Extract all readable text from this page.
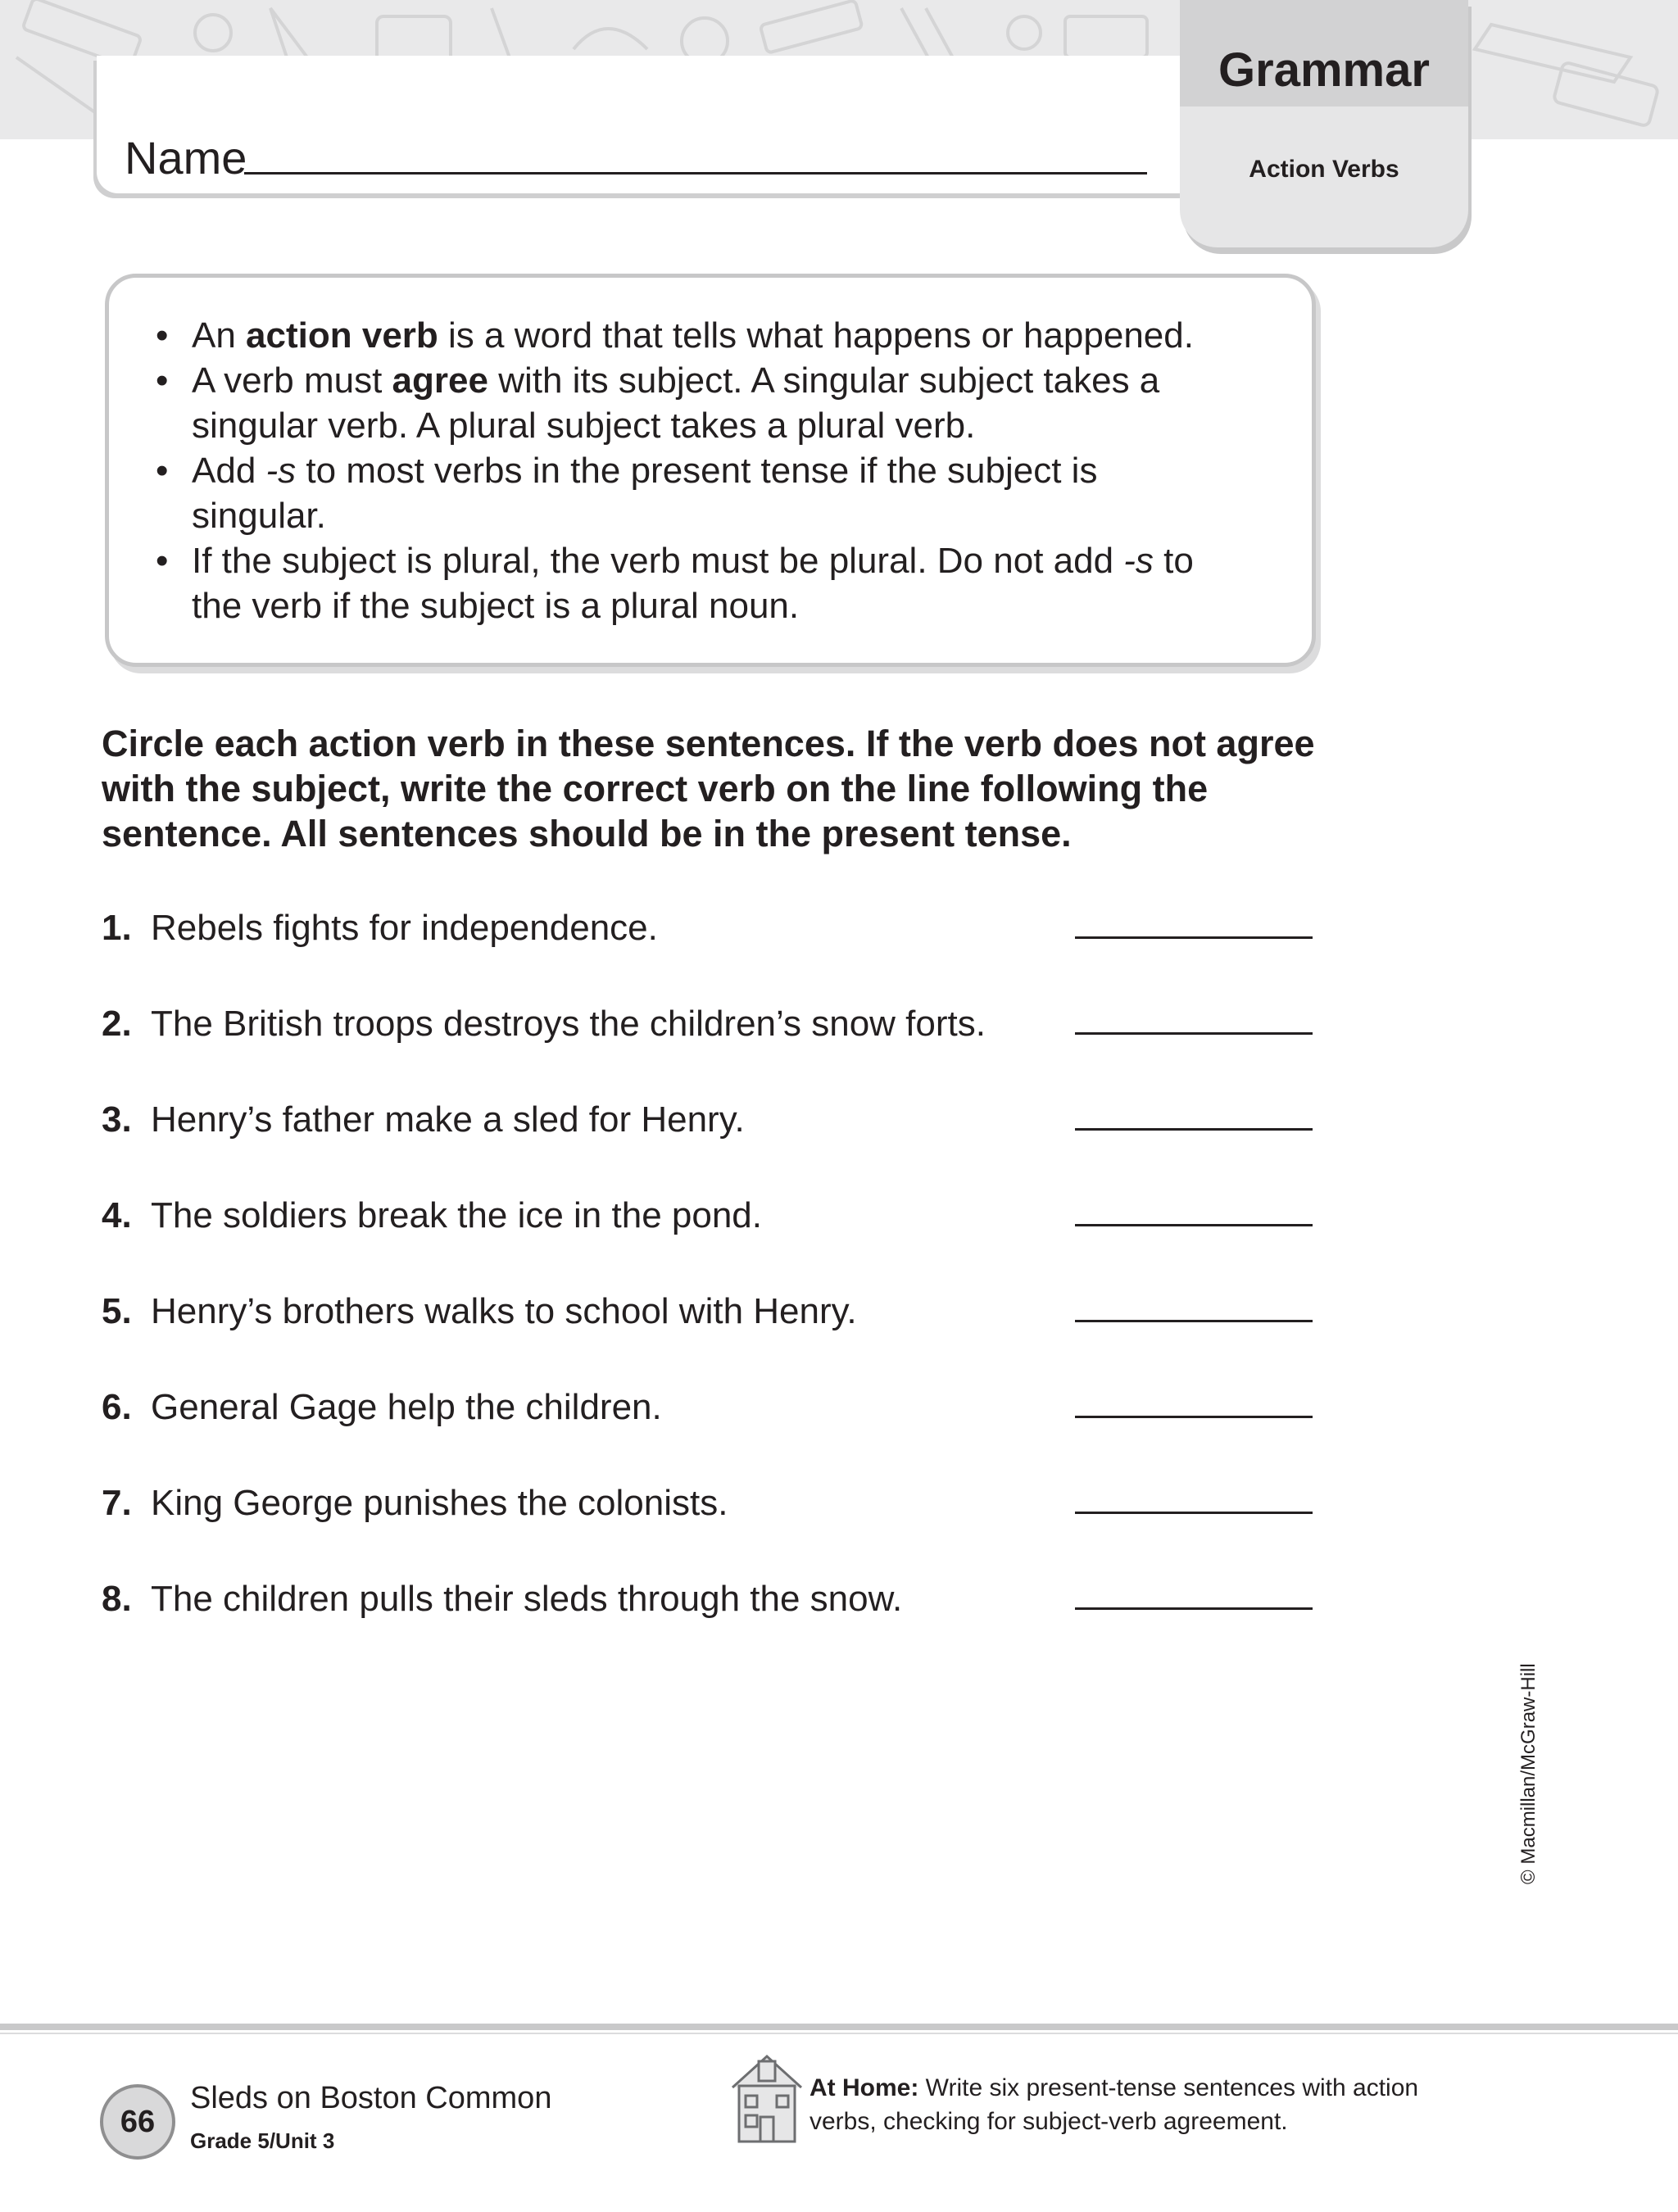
Name
Grammar
Action Verbs
• An action verb is a word that tells what happens or happened.
• A verb must agree with its subject. A singular subject takes a
singular verb. A plural subject takes a plural verb.
• Add -s to most verbs in the present tense if the subject is
singular.
• If the subject is plural, the verb must be plural. Do not add -s to
the verb if the subject is a plural noun.
Circle each action verb in these sentences. If the verb does not agree with the subject, write the correct verb on the line following the sentence. All sentences should be in the present tense.
1. Rebels fights for independence.
2. The British troops destroys the children’s snow forts.
3. Henry’s father make a sled for Henry.
4. The soldiers break the ice in the pond.
5. Henry’s brothers walks to school with Henry.
6. General Gage help the children.
7. King George punishes the colonists.
8. The children pulls their sleds through the snow.
© Macmillan/McGraw-Hill
66
Sleds on Boston Common
Grade 5/Unit 3
At Home: Write six present-tense sentences with action verbs, checking for subject-verb agreement.
